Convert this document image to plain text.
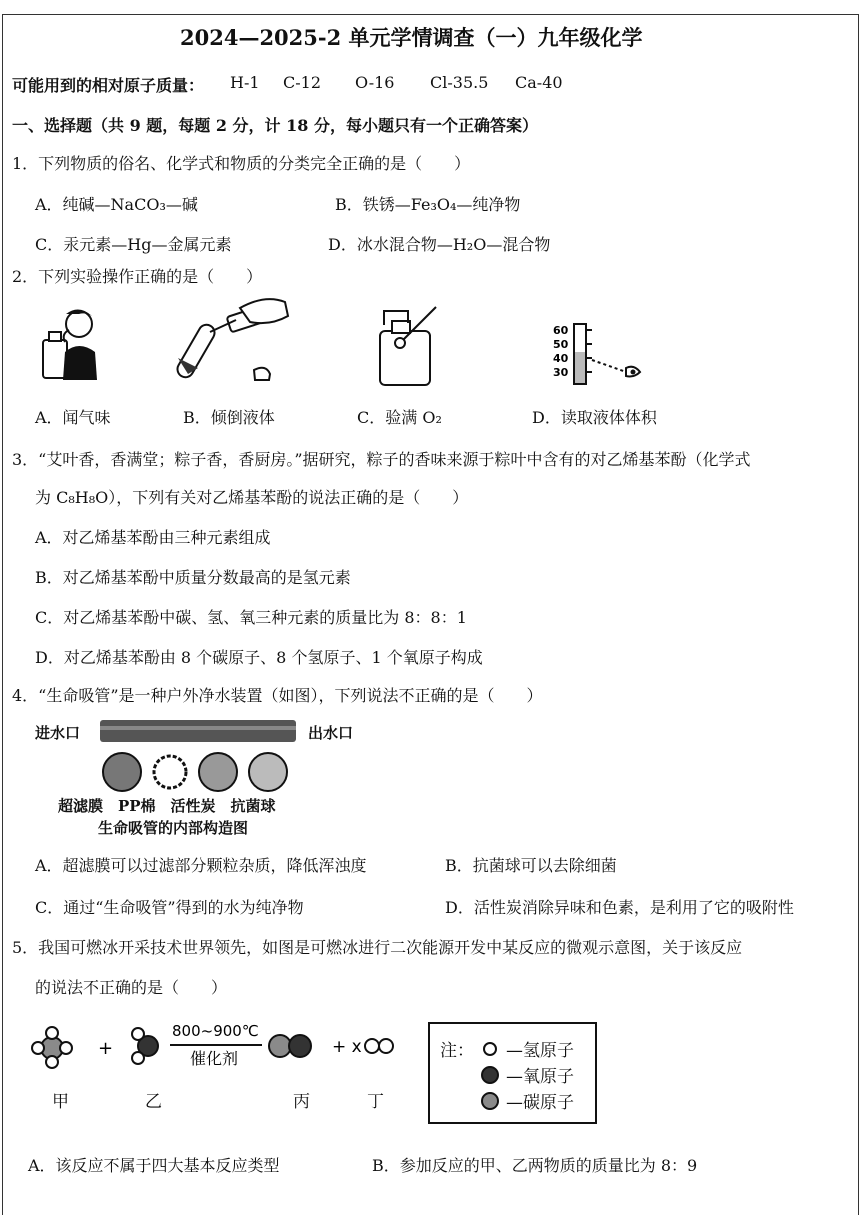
2024—2025-2 单元学情调查（一）九年级化学
可能用到的相对原子质量： H-1 C-12 O-16 Cl-35.5 Ca-40
一、选择题（共 9 题，每题 2 分，计 18 分，每小题只有一个正确答案）
1．下列物质的俗名、化学式和物质的分类完全正确的是（　　）
A．纯碱—NaCO₃—碱	B．铁锈—Fe₃O₄—纯净物
C．汞元素—Hg—金属元素	D．冰水混合物—H₂O—混合物
2．下列实验操作正确的是（　　）
60
50
40
30
A．闻气味	B．倾倒液体	C．验满 O₂	D．读取液体体积
3．“艾叶香，香满堂；粽子香，香厨房。”据研究，粽子的香味来源于粽叶中含有的对乙烯基苯酚（化学式
为 C₈H₈O），下列有关对乙烯基苯酚的说法正确的是（　　）
A．对乙烯基苯酚由三种元素组成
B．对乙烯基苯酚中质量分数最高的是氢元素
C．对乙烯基苯酚中碳、氢、氧三种元素的质量比为 8：8：1
D．对乙烯基苯酚由 8 个碳原子、8 个氢原子、1 个氧原子构成
4．“生命吸管”是一种户外净水装置（如图），下列说法不正确的是（　　）
进水口	出水口
超滤膜　PP棉　活性炭　抗菌球
生命吸管的内部构造图
A．超滤膜可以过滤部分颗粒杂质，降低浑浊度	B．抗菌球可以去除细菌
C．通过“生命吸管”得到的水为纯净物	D．活性炭消除异味和色素，是利用了它的吸附性
5．我国可燃冰开采技术世界领先，如图是可燃冰进行二次能源开发中某反应的微观示意图，关于该反应
的说法不正确的是（　　）
+
800~900℃
催化剂
+ x
甲	乙	丙	丁
注： —氢原子
—氧原子
—碳原子
A．该反应不属于四大基本反应类型	B．参加反应的甲、乙两物质的质量比为 8：9
